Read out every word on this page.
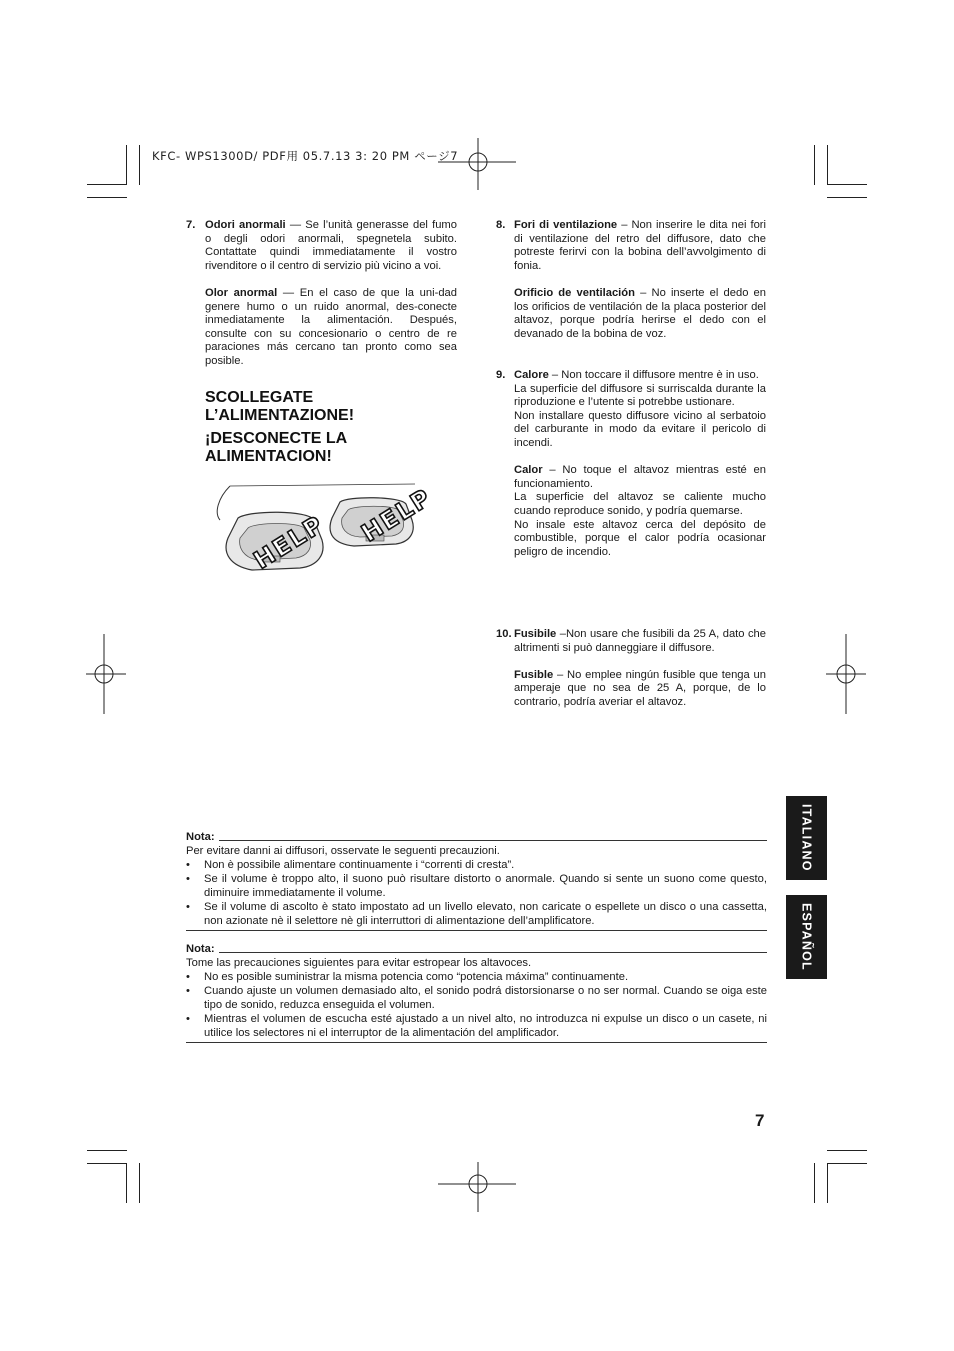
KFC- WPS1300D/ PDF用 05.7.13 3: 20 PM ページ7
7. Odori anormali — Se l’unità generasse del fumo o degli odori anormali, spegnetela subito. Contattate quindi immediatamente il vostro rivenditore o il centro di servizio più vicino a voi.

Olor anormal — En el caso de que la uni-dad genere humo o un ruido anormal, des-conecte inmediatamente la alimentación. Después, consulte con su concesionario o centro de re paraciones más cercano tan pronto como sea posible.

SCOLLEGATE L’ALIMENTAZIONE!
¡DESCONECTE LA ALIMENTACION!
HELP HELP
8. Fori di ventilazione – Non inserire le dita nei fori di ventilazione del retro del diffusore, dato che potreste ferirvi con la bobina dell’avvolgimento di fonia.

Orificio de ventilación – No inserte el dedo en los orificios de ventilación de la placa posterior del altavoz, porque podría herirse el dedo con el devanado de la bobina de voz.

9. Calore – Non toccare il diffusore mentre è in uso.
La superficie del diffusore si surriscalda durante la riproduzione e l’utente si potrebbe ustionare.
Non installare questo diffusore vicino al serbatoio del carburante in modo da evitare il pericolo di incendi.

Calor – No toque el altavoz mientras esté en funcionamiento.
La superficie del altavoz se caliente mucho cuando reproduce sonido, y podría quemarse.
No insale este altavoz cerca del depósito de combustible, porque el calor podría ocasionar peligro de incendio.

10. Fusibile –Non usare che fusibili da 25 A, dato che altrimenti si può danneggiare il diffusore.

Fusible – No emplee ningún fusible que tenga un amperaje que no sea de 25 A, porque, de lo contrario, podría averiar el altavoz.

ITALIANO
ESPAÑOL
Nota:
Per evitare danni ai diffusori, osservate le seguenti precauzioni.
• Non è possibile alimentare continuamente i “correnti di cresta”.
• Se il volume è troppo alto, il suono può risultare distorto o anormale. Quando si sente un suono come questo, diminuire immediatamente il volume.
• Se il volume di ascolto è stato impostato ad un livello elevato, non caricate o espellete un disco o una cassetta, non azionate nè il selettore nè gli interruttori di alimentazione dell’amplificatore.
Nota:
Tome las precauciones siguientes para evitar estropear los altavoces.
• No es posible suministrar la misma potencia como “potencia máxima” continuamente.
• Cuando ajuste un volumen demasiado alto, el sonido podrá distorsionarse o no ser normal. Cuando se oiga este tipo de sonido, reduzca enseguida el volumen.
• Mientras el volumen de escucha esté ajustado a un nivel alto, no introduzca ni expulse un disco o un casete, ni utilice los selectores ni el interruptor de la alimentación del amplificador.
7
